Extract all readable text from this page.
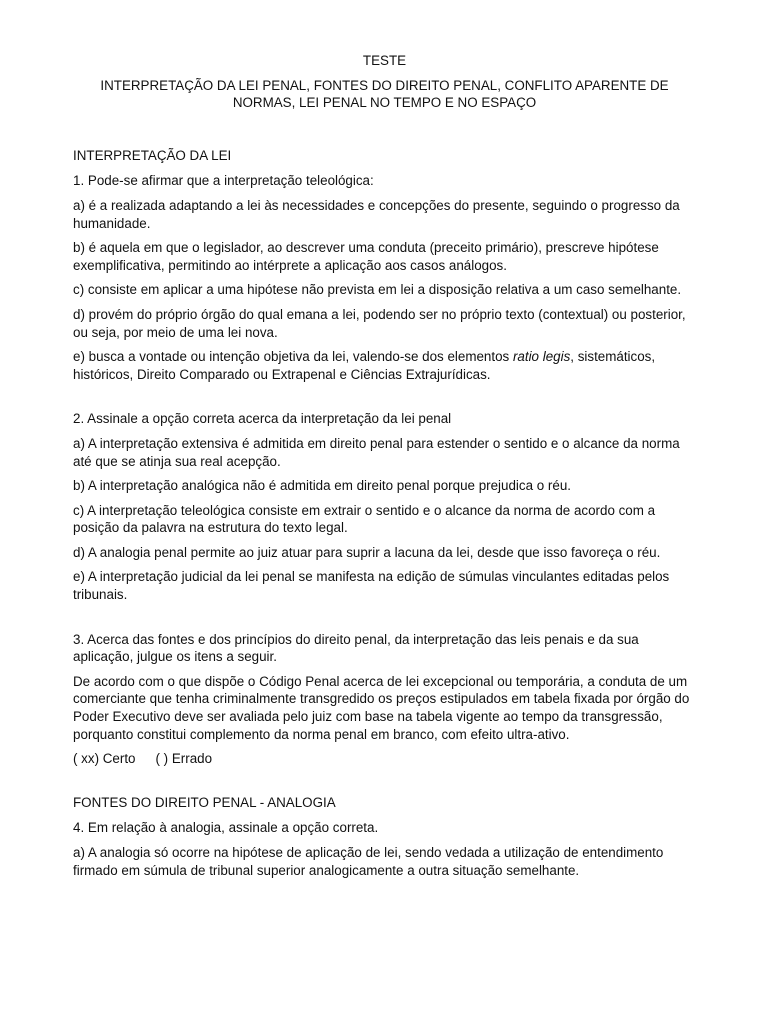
TESTE
INTERPRETAÇÃO DA LEI PENAL, FONTES DO DIREITO PENAL, CONFLITO APARENTE DE NORMAS, LEI PENAL NO TEMPO E NO ESPAÇO
INTERPRETAÇÃO DA LEI

1. Pode-se afirmar que a interpretação teleológica:

a) é a realizada adaptando a lei às necessidades e concepções do presente, seguindo o progresso da humanidade.

b) é aquela em que o legislador, ao descrever uma conduta (preceito primário), prescreve hipótese exemplificativa, permitindo ao intérprete a aplicação aos casos análogos.

c) consiste em aplicar a uma hipótese não prevista em lei a disposição relativa a um caso semelhante.

d) provém do próprio órgão do qual emana a lei, podendo ser no próprio texto (contextual) ou posterior, ou seja, por meio de uma lei nova.

e) busca a vontade ou intenção objetiva da lei, valendo-se dos elementos ratio legis, sistemáticos, históricos, Direito Comparado ou Extrapenal e Ciências Extrajurídicas.

2. Assinale a opção correta acerca da interpretação da lei penal

a) A interpretação extensiva é admitida em direito penal para estender o sentido e o alcance da norma até que se atinja sua real acepção.

b) A interpretação analógica não é admitida em direito penal porque prejudica o réu.

c) A interpretação teleológica consiste em extrair o sentido e o alcance da norma de acordo com a posição da palavra na estrutura do texto legal.

d) A analogia penal permite ao juiz atuar para suprir a lacuna da lei, desde que isso favoreça o réu.

e) A interpretação judicial da lei penal se manifesta na edição de súmulas vinculantes editadas pelos tribunais.

3. Acerca das fontes e dos princípios do direito penal, da interpretação das leis penais e da sua aplicação, julgue os itens a seguir.

De acordo com o que dispõe o Código Penal acerca de lei excepcional ou temporária, a conduta de um comerciante que tenha criminalmente transgredido os preços estipulados em tabela fixada por órgão do Poder Executivo deve ser avaliada pelo juiz com base na tabela vigente ao tempo da transgressão, porquanto constitui complemento da norma penal em branco, com efeito ultra-ativo.

( xx) Certo ( ) Errado

FONTES DO DIREITO PENAL - ANALOGIA

4. Em relação à analogia, assinale a opção correta.

a) A analogia só ocorre na hipótese de aplicação de lei, sendo vedada a utilização de entendimento firmado em súmula de tribunal superior analogicamente a outra situação semelhante.
